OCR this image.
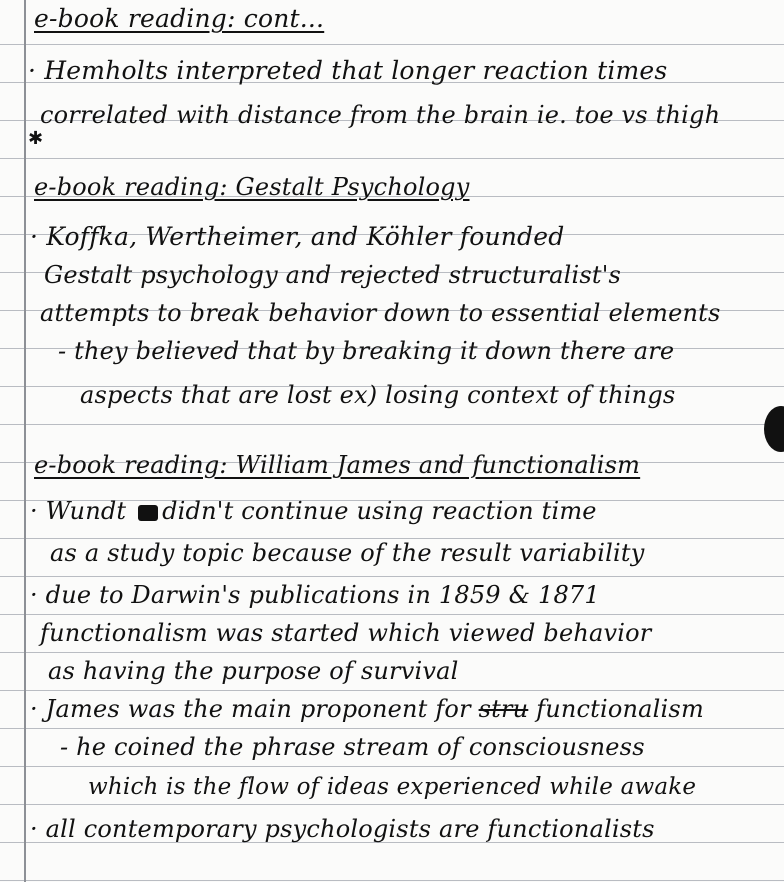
✱
e-book reading: cont...
· Hemholts interpreted that longer reaction times
correlated with distance from the brain ie. toe vs thigh
e-book reading: Gestalt Psychology
· Koffka, Wertheimer, and Köhler founded
Gestalt psychology and rejected structuralist's
attempts to break behavior down to essential elements
- they believed that by breaking it down there are
aspects that are lost ex) losing context of things
e-book reading: William James and functionalism
· Wundt didn't continue using reaction time
as a study topic because of the result variability
· due to Darwin's publications in 1859 & 1871
functionalism was started which viewed behavior
as having the purpose of survival
· James was the main proponent for stru functionalism
- he coined the phrase stream of consciousness
which is the flow of ideas experienced while awake
· all contemporary psychologists are functionalists
